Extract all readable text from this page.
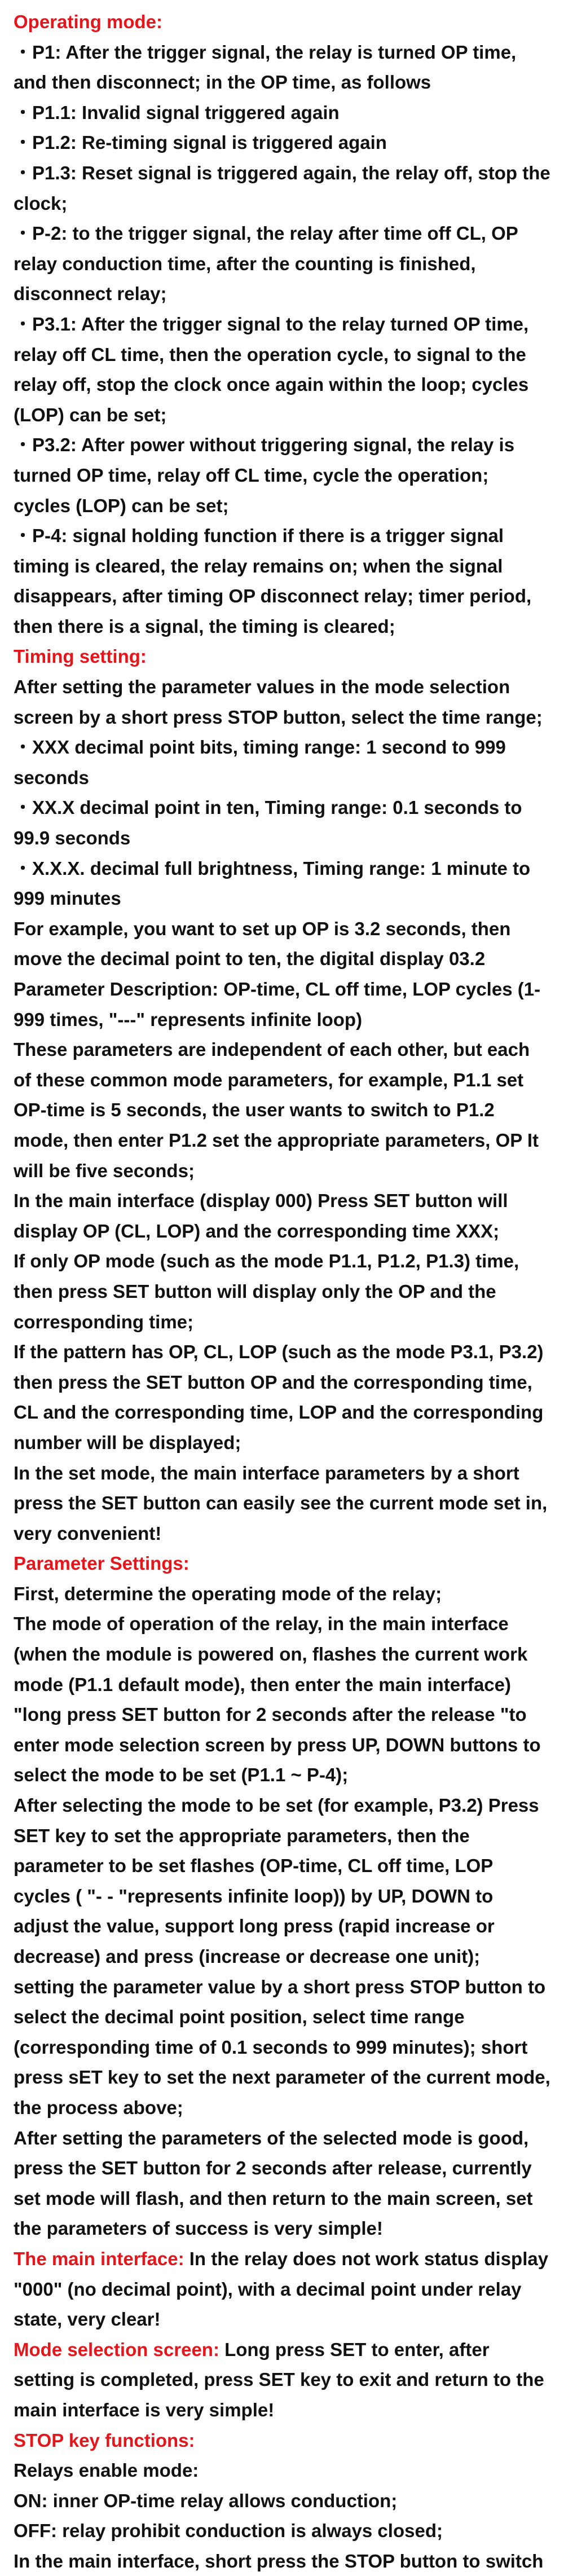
Operating mode:

・P1: After the trigger signal, the relay is turned OP time, and then disconnect; in the OP time, as follows

・P1.1: Invalid signal triggered again

・P1.2: Re-timing signal is triggered again

・P1.3: Reset signal is triggered again, the relay off, stop the clock;

・P-2: to the trigger signal, the relay after time off CL, OP relay conduction time, after the counting is finished, disconnect relay;

・P3.1: After the trigger signal to the relay turned OP time, relay off CL time, then the operation cycle, to signal to the relay off, stop the clock once again within the loop; cycles (LOP) can be set;

・P3.2: After power without triggering signal, the relay is turned OP time, relay off CL time, cycle the operation; cycles (LOP) can be set;

・P-4: signal holding function if there is a trigger signal timing is cleared, the relay remains on; when the signal disappears, after timing OP disconnect relay; timer period, then there is a signal, the timing is cleared;

Timing setting:

After setting the parameter values in the mode selection screen by a short press STOP button, select the time range;

・XXX decimal point bits, timing range: 1 second to 999 seconds

・XX.X decimal point in ten, Timing range: 0.1 seconds to 99.9 seconds

・X.X.X. decimal full brightness, Timing range: 1 minute to 999 minutes

For example, you want to set up OP is 3.2 seconds, then move the decimal point to ten, the digital display 03.2

Parameter Description: OP-time, CL off time, LOP cycles (1-999 times, "---" represents infinite loop)

These parameters are independent of each other, but each of these common mode parameters, for example, P1.1 set OP-time is 5 seconds, the user wants to switch to P1.2 mode, then enter P1.2 set the appropriate parameters, OP It will be five seconds;

In the main interface (display 000) Press SET button will display OP (CL, LOP) and the corresponding time XXX;

If only OP mode (such as the mode P1.1, P1.2, P1.3) time, then press SET button will display only the OP and the corresponding time;

If the pattern has OP, CL, LOP (such as the mode P3.1, P3.2) then press the SET button OP and the corresponding time, CL and the corresponding time, LOP and the corresponding number will be displayed;

In the set mode, the main interface parameters by a short press the SET button can easily see the current mode set in, very convenient!

Parameter Settings:

First, determine the operating mode of the relay;

The mode of operation of the relay, in the main interface (when the module is powered on, flashes the current work mode (P1.1 default mode), then enter the main interface) "long press SET button for 2 seconds after the release "to enter mode selection screen by press UP, DOWN buttons to select the mode to be set (P1.1 ~ P-4);

After selecting the mode to be set (for example, P3.2) Press SET key to set the appropriate parameters, then the parameter to be set flashes (OP-time, CL off time, LOP cycles ( "- - "represents infinite loop)) by UP, DOWN to adjust the value, support long press (rapid increase or decrease) and press (increase or decrease one unit);

setting the parameter value by a short press STOP button to select the decimal point position, select time range (corresponding time of 0.1 seconds to 999 minutes); short press sET key to set the next parameter of the current mode, the process above;

After setting the parameters of the selected mode is good, press the SET button for 2 seconds after release, currently set mode will flash, and then return to the main screen, set the parameters of success is very simple!

The main interface: In the relay does not work status display "000" (no decimal point), with a decimal point under relay state, very clear!

Mode selection screen: Long press SET to enter, after setting is completed, press SET key to exit and return to the main interface is very simple!

STOP key functions:

Relays enable mode:

ON: inner OP-time relay allows conduction;

OFF: relay prohibit conduction is always closed;

In the main interface, short press the STOP button to switch
